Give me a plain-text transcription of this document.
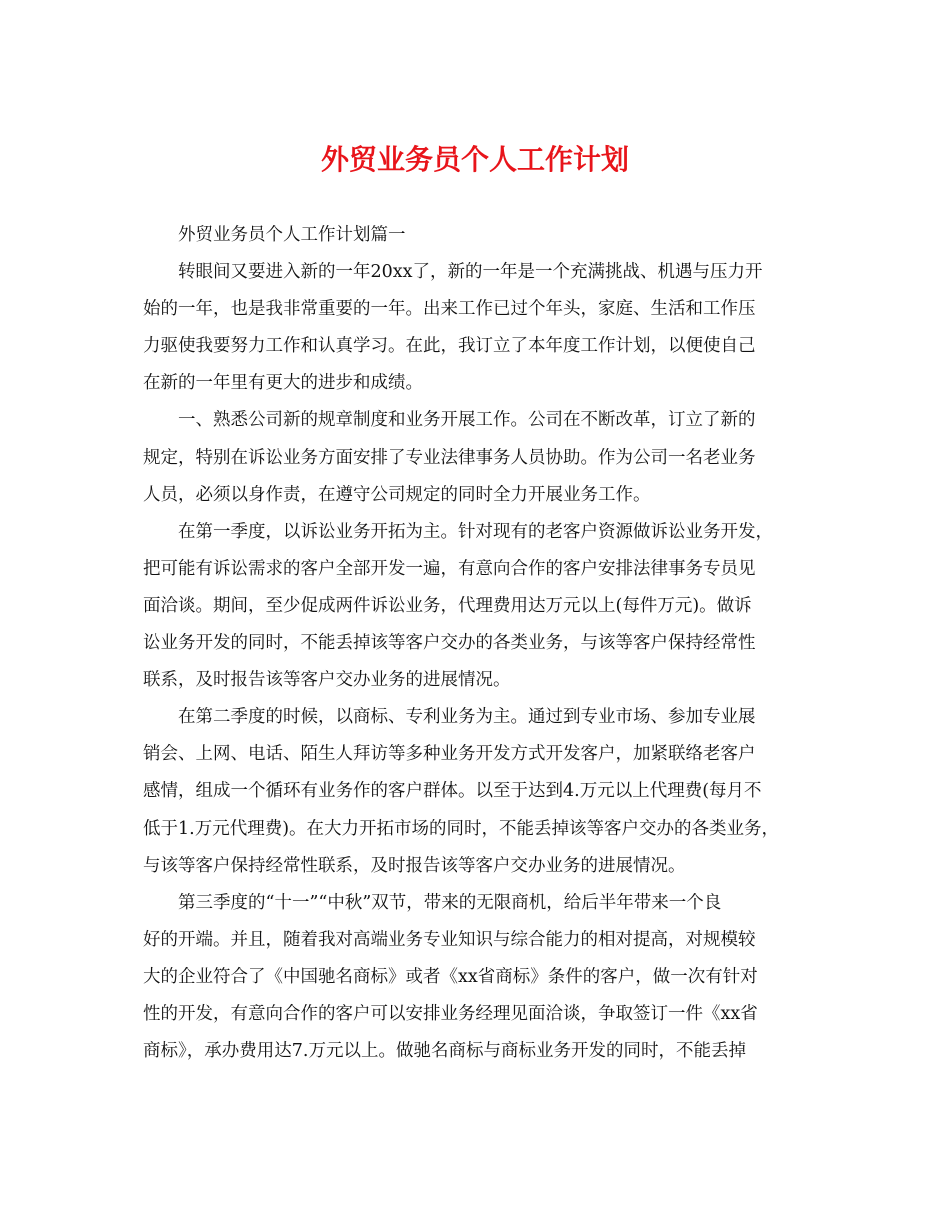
外贸业务员个人工作计划
外贸业务员个人工作计划篇一
转眼间又要进入新的一年20xx了，新的一年是一个充满挑战、机遇与压力开
始的一年，也是我非常重要的一年。出来工作已过个年头，家庭、生活和工作压
力驱使我要努力工作和认真学习。在此，我订立了本年度工作计划，以便使自己
在新的一年里有更大的进步和成绩。
一、熟悉公司新的规章制度和业务开展工作。公司在不断改革，订立了新的
规定，特别在诉讼业务方面安排了专业法律事务人员协助。作为公司一名老业务
人员，必须以身作责，在遵守公司规定的同时全力开展业务工作。
在第一季度，以诉讼业务开拓为主。针对现有的老客户资源做诉讼业务开发，
把可能有诉讼需求的客户全部开发一遍，有意向合作的客户安排法律事务专员见
面洽谈。期间，至少促成两件诉讼业务，代理费用达万元以上(每件万元)。做诉
讼业务开发的同时，不能丢掉该等客户交办的各类业务，与该等客户保持经常性
联系，及时报告该等客户交办业务的进展情况。
在第二季度的时候，以商标、专利业务为主。通过到专业市场、参加专业展
销会、上网、电话、陌生人拜访等多种业务开发方式开发客户，加紧联络老客户
感情，组成一个循环有业务作的客户群体。以至于达到4.万元以上代理费(每月不
低于1.万元代理费)。在大力开拓市场的同时，不能丢掉该等客户交办的各类业务，
与该等客户保持经常性联系，及时报告该等客户交办业务的进展情况。
第三季度的“十一”“中秋”双节，带来的无限商机，给后半年带来一个良
好的开端。并且，随着我对高端业务专业知识与综合能力的相对提高，对规模较
大的企业符合了《中国驰名商标》或者《xx省商标》条件的客户，做一次有针对
性的开发，有意向合作的客户可以安排业务经理见面洽谈，争取签订一件《xx省
商标》，承办费用达7.万元以上。做驰名商标与商标业务开发的同时，不能丢掉
